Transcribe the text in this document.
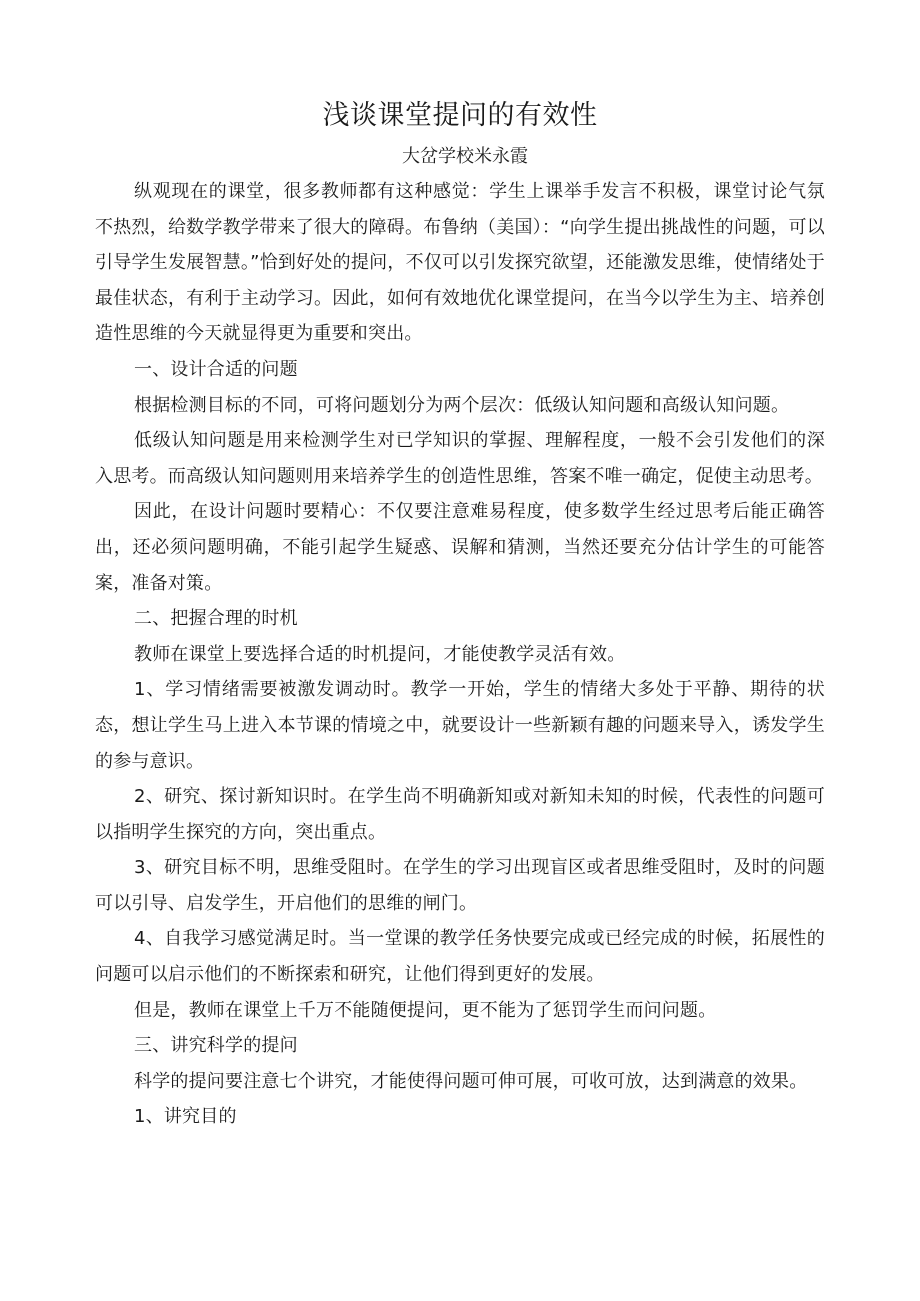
浅谈课堂提问的有效性
大岔学校米永霞

纵观现在的课堂，很多教师都有这种感觉：学生上课举手发言不积极，课堂讨论气氛不热烈，给数学教学带来了很大的障碍。布鲁纳（美国）：“向学生提出挑战性的问题，可以引导学生发展智慧。”恰到好处的提问，不仅可以引发探究欲望，还能激发思维，使情绪处于最佳状态，有利于主动学习。因此，如何有效地优化课堂提问，在当今以学生为主、培养创造性思维的今天就显得更为重要和突出。

一、设计合适的问题

根据检测目标的不同，可将问题划分为两个层次：低级认知问题和高级认知问题。

低级认知问题是用来检测学生对已学知识的掌握、理解程度，一般不会引发他们的深入思考。而高级认知问题则用来培养学生的创造性思维，答案不唯一确定，促使主动思考。

因此，在设计问题时要精心：不仅要注意难易程度，使多数学生经过思考后能正确答出，还必须问题明确，不能引起学生疑惑、误解和猜测，当然还要充分估计学生的可能答案，准备对策。

二、把握合理的时机

教师在课堂上要选择合适的时机提问，才能使教学灵活有效。

1、学习情绪需要被激发调动时。教学一开始，学生的情绪大多处于平静、期待的状态，想让学生马上进入本节课的情境之中，就要设计一些新颖有趣的问题来导入，诱发学生的参与意识。

2、研究、探讨新知识时。在学生尚不明确新知或对新知未知的时候，代表性的问题可以指明学生探究的方向，突出重点。

3、研究目标不明，思维受阻时。在学生的学习出现盲区或者思维受阻时，及时的问题可以引导、启发学生，开启他们的思维的闸门。

4、自我学习感觉满足时。当一堂课的教学任务快要完成或已经完成的时候，拓展性的问题可以启示他们的不断探索和研究，让他们得到更好的发展。

但是，教师在课堂上千万不能随便提问，更不能为了惩罚学生而问问题。

三、讲究科学的提问

科学的提问要注意七个讲究，才能使得问题可伸可展，可收可放，达到满意的效果。

1、讲究目的
